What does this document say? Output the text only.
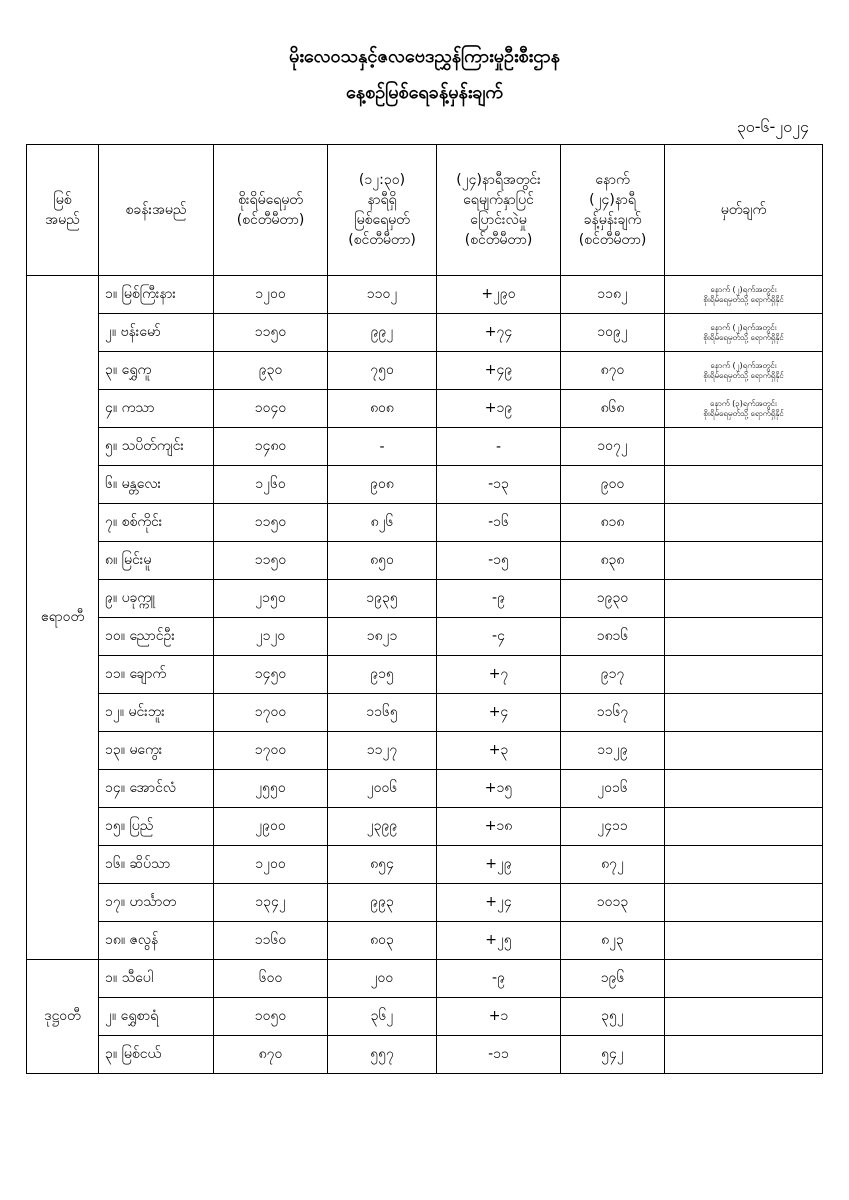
မိုးလေဝသနှင့်ဇလဗေဒညွှန်ကြားမှုဦးစီးဌာန
နေ့စဉ်မြစ်ရေခန့်မှန်းချက်
၃၀-၆-၂၀၂၄
မြစ်
အမည်	စခန်းအမည်	စိုးရိမ်ရေမှတ်
(စင်တီမီတာ)	(၁၂:၃၀)
နာရီရှိ
မြစ်ရေမှတ်
(စင်တီမီတာ)	(၂၄)နာရီအတွင်း
ရေမျက်နှာပြင်
ပြောင်းလဲမှု
(စင်တီမီတာ)	နောက်
(၂၄)နာရီ
ခန့်မှန်းချက်
(စင်တီမီတာ)	မှတ်ချက်

ဧရာဝတီ	၁။ မြစ်ကြီးနား	၁၂၀၀	၁၁၀၂	+၂၉၀	၁၁၈၂	နောက် (၂)ရက်အတွင်း
စိုးရိမ်ရေမှတ်သို့ ရောက်ရှိနိုင်

	၂။ ဗန်းမော်	၁၁၅၀	၉၉၂	+၇၄	၁၀၉၂	နောက် (၂)ရက်အတွင်း
စိုးရိမ်ရေမှတ်သို့ ရောက်ရှိနိုင်

	၃။ ရွှေကူ	၉၃၀	၇၅၀	+၄၉	၈၇၀	နောက် (၂)ရက်အတွင်း
စိုးရိမ်ရေမှတ်သို့ ရောက်ရှိနိုင်

	၄။ ကသာ	၁၀၄၀	၈၀၈	+၁၉	၈၆၈	နောက် (၃)ရက်အတွင်း
စိုးရိမ်ရေမှတ်သို့ ရောက်ရှိနိုင်

	၅။ သပိတ်ကျင်း	၁၄၈၀	-	-	၁၀၇၂	
	၆။ မန္တလေး	၁၂၆၀	၉၀၈	-၁၃	၉၀၀	
	၇။ စစ်ကိုင်း	၁၁၅၀	၈၂၆	-၁၆	၈၁၈	
	၈။ မြင်းမူ	၁၁၅၀	၈၅၀	-၁၅	၈၃၈	
	၉။ ပခုက္ကူ	၂၁၅၀	၁၉၃၅	-၉	၁၉၃၀	
	၁၀။ ညောင်ဦး	၂၁၂၀	၁၈၂၁	-၄	၁၈၁၆	
	၁၁။ ချောက်	၁၄၅၀	၉၁၅	+၇	၉၁၇	
	၁၂။ မင်းဘူး	၁၇၀၀	၁၁၆၅	+၄	၁၁၆၇	
	၁၃။ မကွေး	၁၇၀၀	၁၁၂၇	+၃	၁၁၂၉	
	၁၄။ အောင်လံ	၂၅၅၀	၂၀၀၆	+၁၅	၂၀၁၆	
	၁၅။ ပြည်	၂၉၀၀	၂၃၉၉	+၁၈	၂၄၁၁	
	၁၆။ ဆိပ်သာ	၁၂၀၀	၈၅၄	+၂၉	၈၇၂	
	၁၇။ ဟင်္သာတ	၁၃၄၂	၉၉၃	+၂၄	၁၀၁၃	
	၁၈။ ဇလွန်	၁၁၆၀	၈၀၃	+၂၅	၈၂၃	
ဒုဋ္ဌဝတီ	၁။ သီပေါ	၆၀၀	၂၀၀	-၉	၁၉၆	
	၂။ ရွှေစာရံ	၁၀၅၀	၃၆၂	+၁	၃၅၂	
	၃။ မြစ်ငယ်	၈၇၀	၅၅၇	-၁၁	၅၄၂	
